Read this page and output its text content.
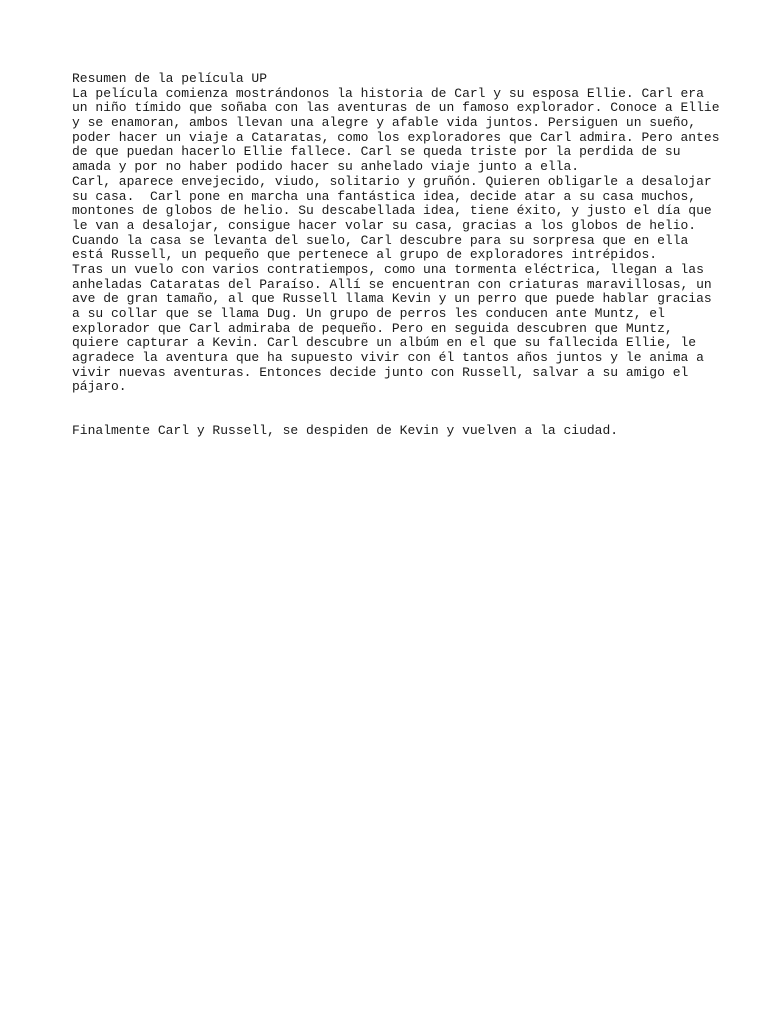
Resumen de la película UP
La película comienza mostrándonos la historia de Carl y su esposa Ellie. Carl era
un niño tímido que soñaba con las aventuras de un famoso explorador. Conoce a Ellie
y se enamoran, ambos llevan una alegre y afable vida juntos. Persiguen un sueño,
poder hacer un viaje a Cataratas, como los exploradores que Carl admira. Pero antes
de que puedan hacerlo Ellie fallece. Carl se queda triste por la perdida de su
amada y por no haber podido hacer su anhelado viaje junto a ella.
Carl, aparece envejecido, viudo, solitario y gruñón. Quieren obligarle a desalojar
su casa.  Carl pone en marcha una fantástica idea, decide atar a su casa muchos,
montones de globos de helio. Su descabellada idea, tiene éxito, y justo el día que
le van a desalojar, consigue hacer volar su casa, gracias a los globos de helio.
Cuando la casa se levanta del suelo, Carl descubre para su sorpresa que en ella
está Russell, un pequeño que pertenece al grupo de exploradores intrépidos.
Tras un vuelo con varios contratiempos, como una tormenta eléctrica, llegan a las
anheladas Cataratas del Paraíso. Allí se encuentran con criaturas maravillosas, un
ave de gran tamaño, al que Russell llama Kevin y un perro que puede hablar gracias
a su collar que se llama Dug. Un grupo de perros les conducen ante Muntz, el
explorador que Carl admiraba de pequeño. Pero en seguida descubren que Muntz,
quiere capturar a Kevin. Carl descubre un albúm en el que su fallecida Ellie, le
agradece la aventura que ha supuesto vivir con él tantos años juntos y le anima a
vivir nuevas aventuras. Entonces decide junto con Russell, salvar a su amigo el
pájaro.
Finalmente Carl y Russell, se despiden de Kevin y vuelven a la ciudad.
